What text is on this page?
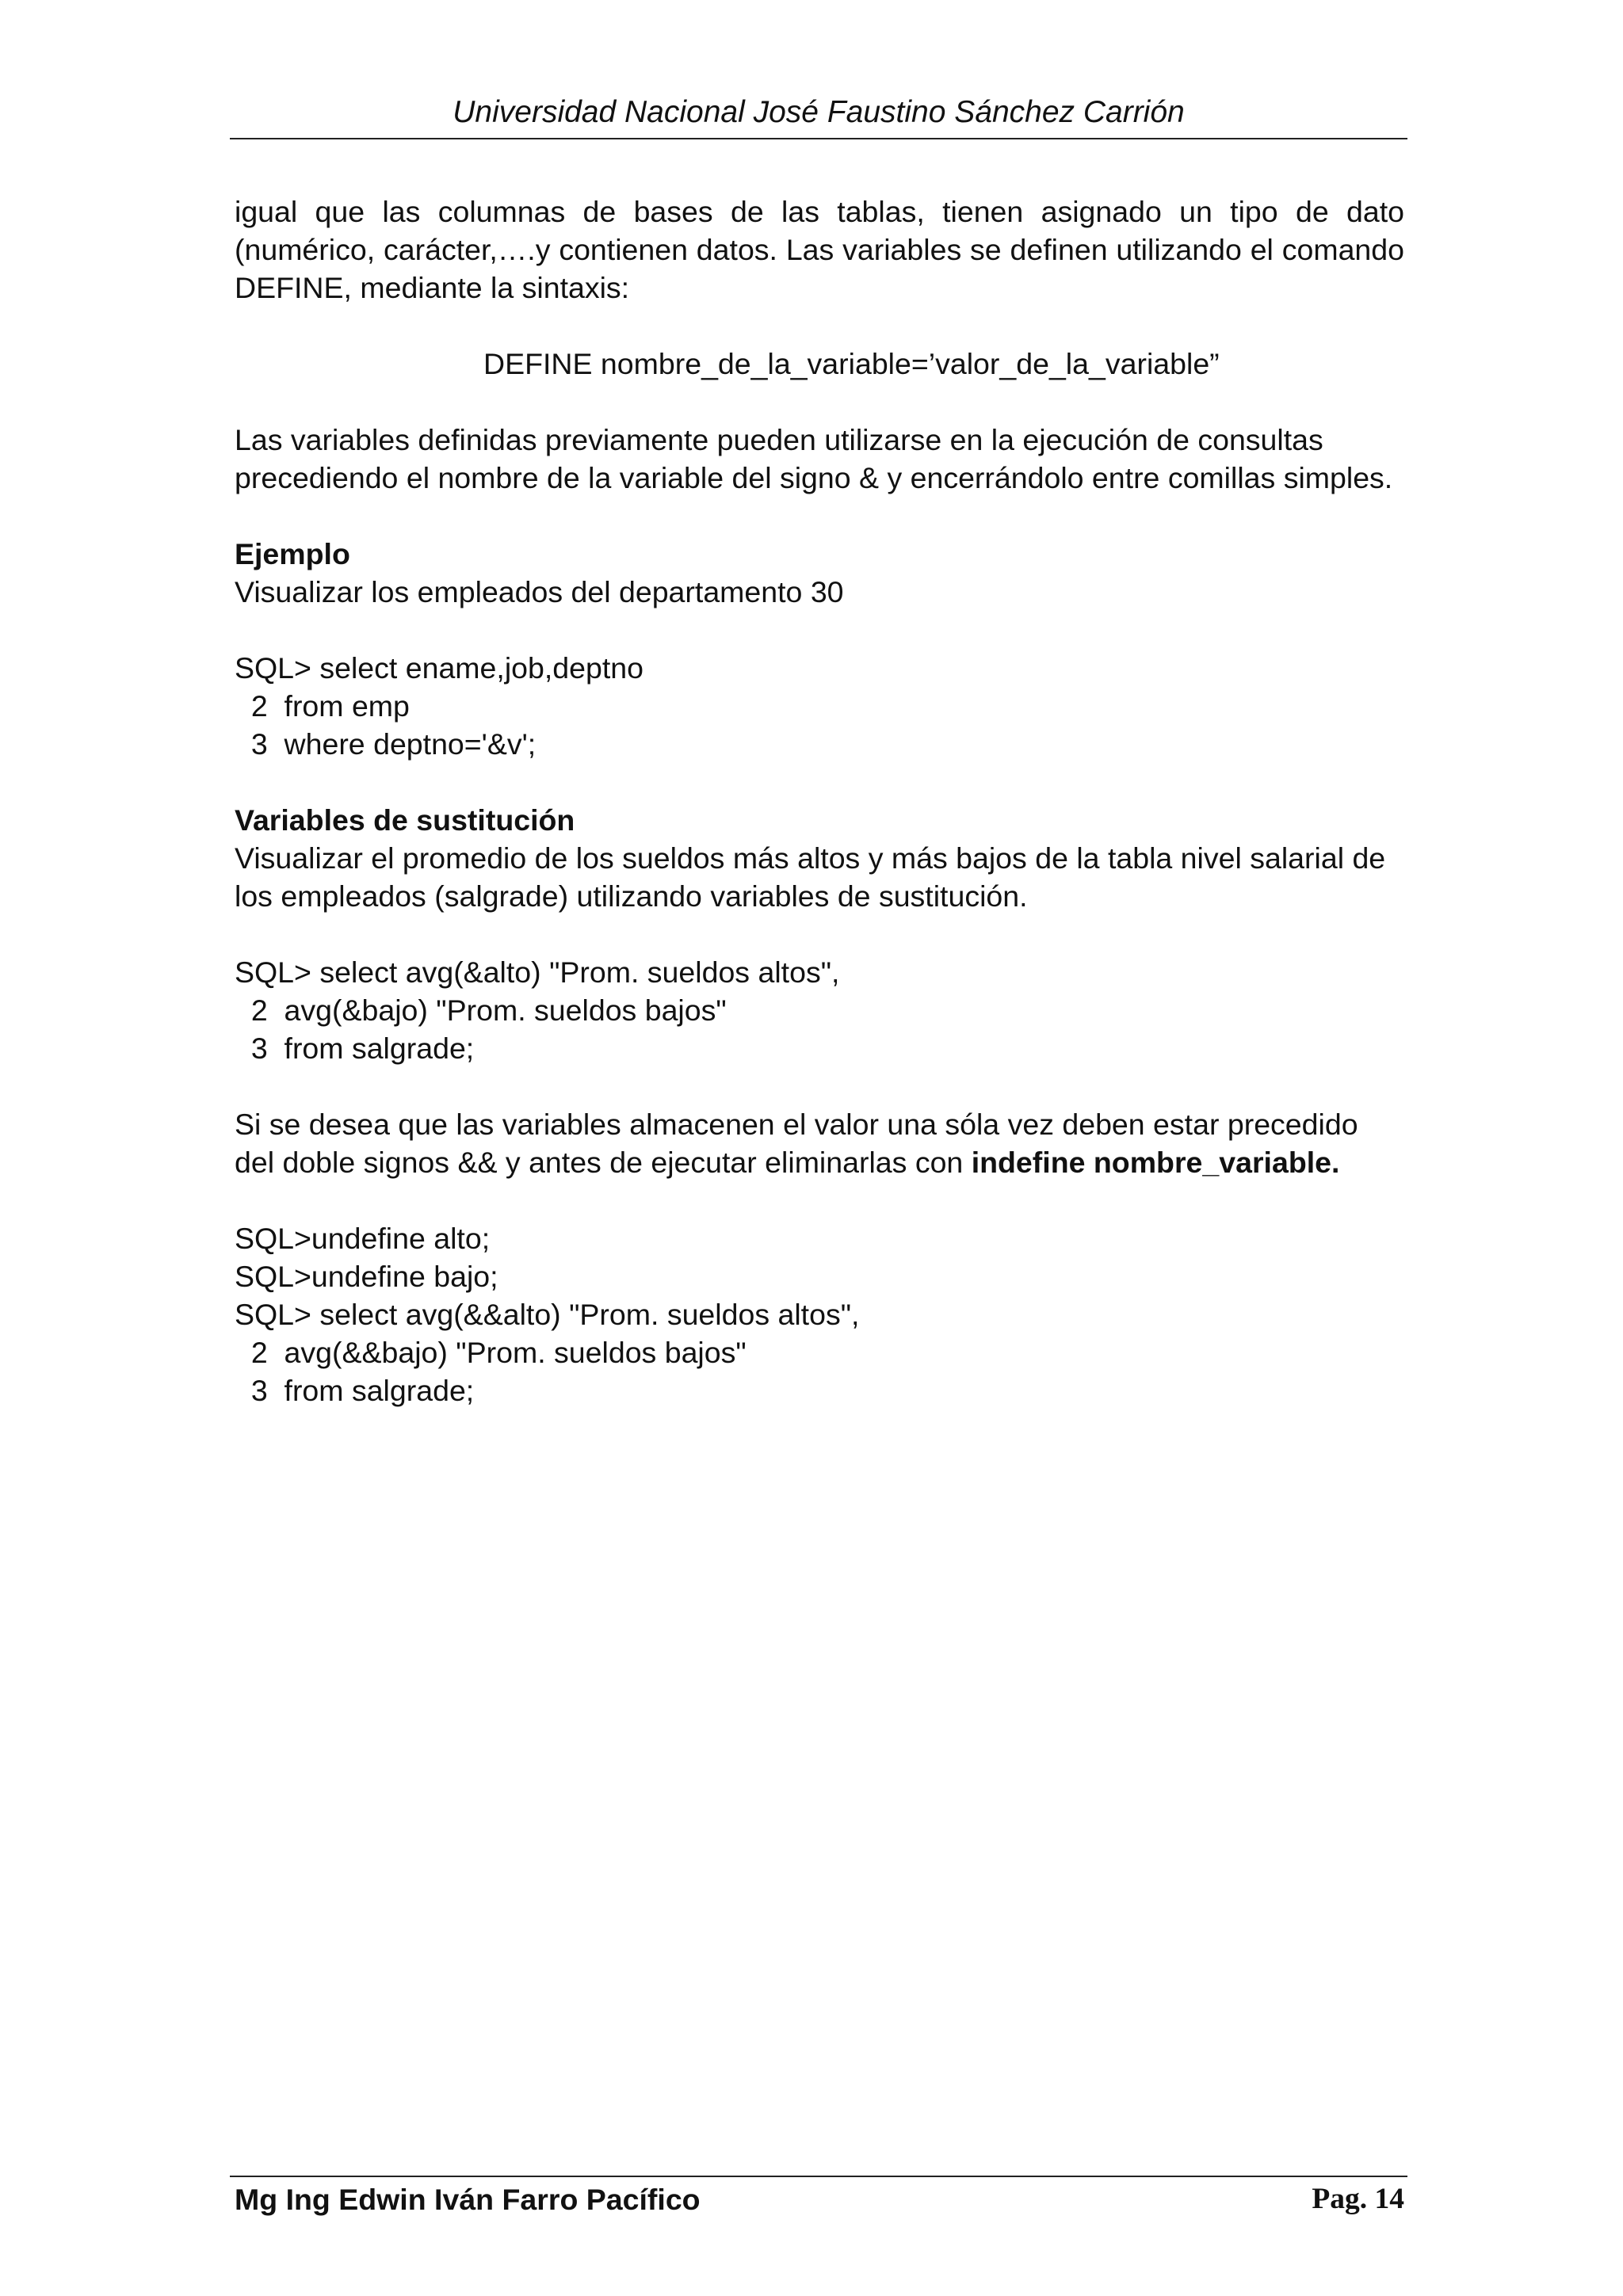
Universidad Nacional José Faustino Sánchez Carrión

igual que las columnas de bases de las tablas, tienen asignado un tipo de dato (numérico, carácter,….y contienen datos. Las variables se definen utilizando el comando DEFINE, mediante la sintaxis:

DEFINE nombre_de_la_variable=’valor_de_la_variable”

Las variables definidas previamente pueden utilizarse en la ejecución de consultas precediendo el nombre de la variable del signo & y encerrándolo entre comillas simples.

Ejemplo

Visualizar los empleados del departamento 30

SQL> select ename,job,deptno

2  from emp

3  where deptno='&v';

Variables de sustitución

Visualizar el promedio de los sueldos más altos y más bajos de la tabla nivel salarial de los empleados (salgrade) utilizando variables de sustitución.

SQL> select avg(&alto) "Prom. sueldos altos",

2  avg(&bajo) "Prom. sueldos bajos"

3  from salgrade;

Si se desea que las variables almacenen el valor una sóla vez deben estar precedido del doble signos && y antes de ejecutar eliminarlas con indefine nombre_variable.

SQL>undefine alto;

SQL>undefine bajo;

SQL> select avg(&&alto) "Prom. sueldos altos",

2  avg(&&bajo) "Prom. sueldos bajos"

3  from salgrade;

Mg Ing Edwin Iván Farro Pacífico	Pag. 14
